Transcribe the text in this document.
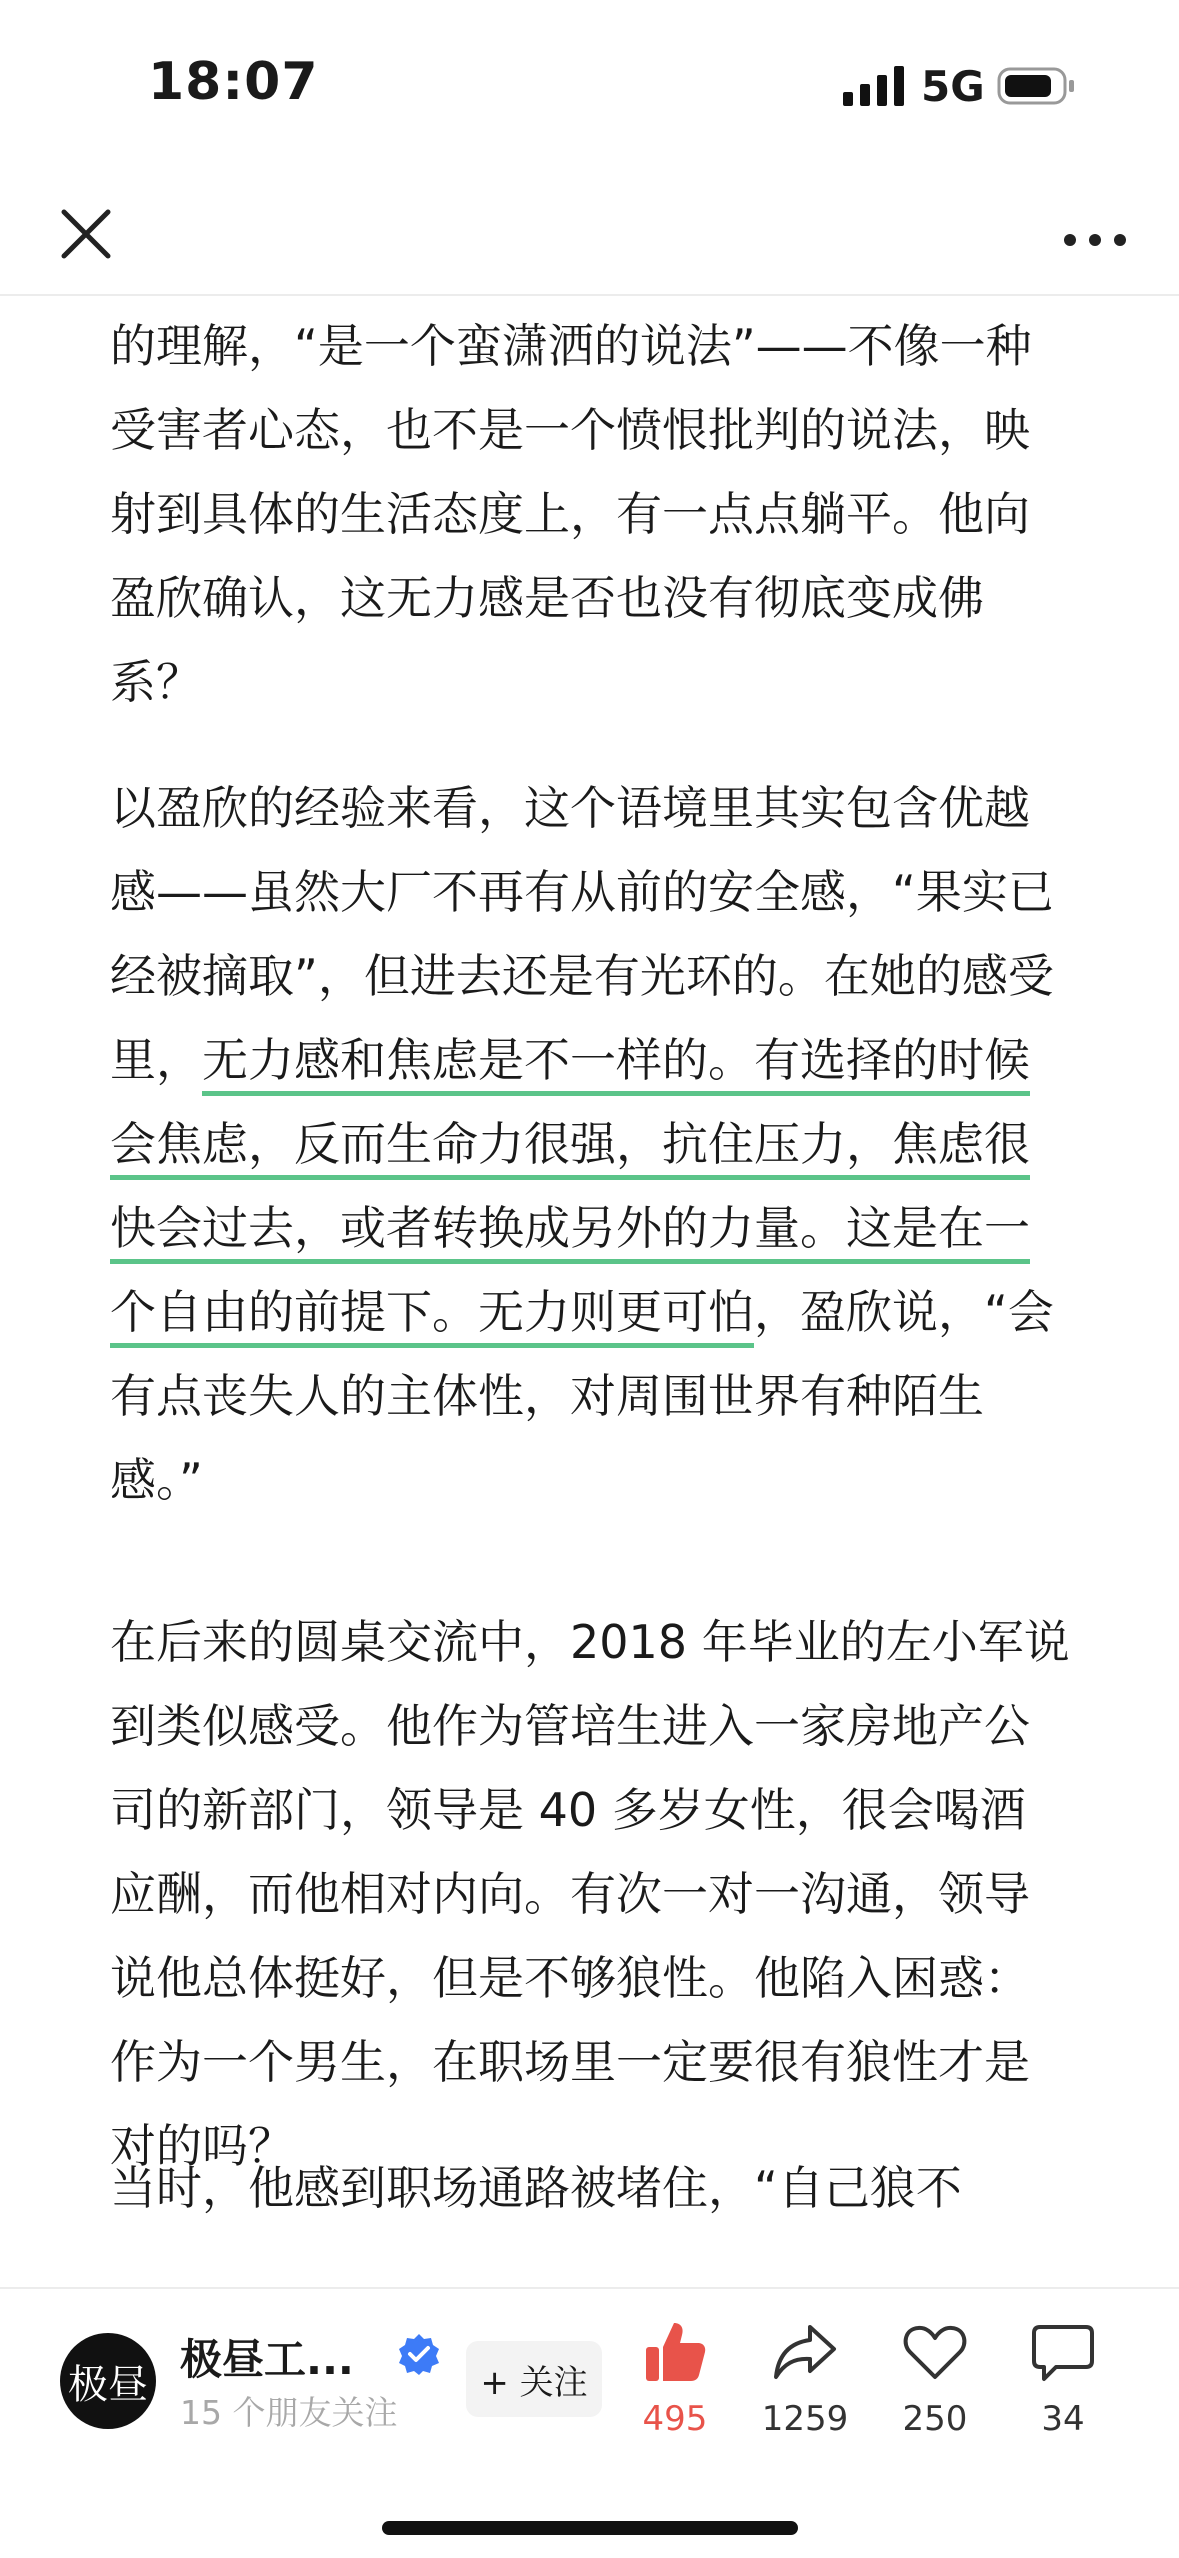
18:07	5G

的理解，“是一个蛮潇洒的说法”——不像一种受害者心态，也不是一个愤恨批判的说法，映射到具体的生活态度上，有一点点躺平。他向盈欣确认，这无力感是否也没有彻底变成佛系？

以盈欣的经验来看，这个语境里其实包含优越感——虽然大厂不再有从前的安全感，“果实已经被摘取”，但进去还是有光环的。在她的感受里，无力感和焦虑是不一样的。有选择的时候会焦虑，反而生命力很强，抗住压力，焦虑很快会过去，或者转换成另外的力量。这是在一个自由的前提下。无力则更可怕，盈欣说，“会有点丧失人的主体性，对周围世界有种陌生感。”

在后来的圆桌交流中，2018 年毕业的左小军说到类似感受。他作为管培生进入一家房地产公司的新部门，领导是 40 多岁女性，很会喝酒应酬，而他相对内向。有次一对一沟通，领导说他总体挺好，但是不够狼性。他陷入困惑：作为一个男生，在职场里一定要很有狼性才是对的吗？

当时，他感到职场通路被堵住，“自己狼不

极昼
极昼工...
15 个朋友关注
+ 关注
495	1259	250	34
